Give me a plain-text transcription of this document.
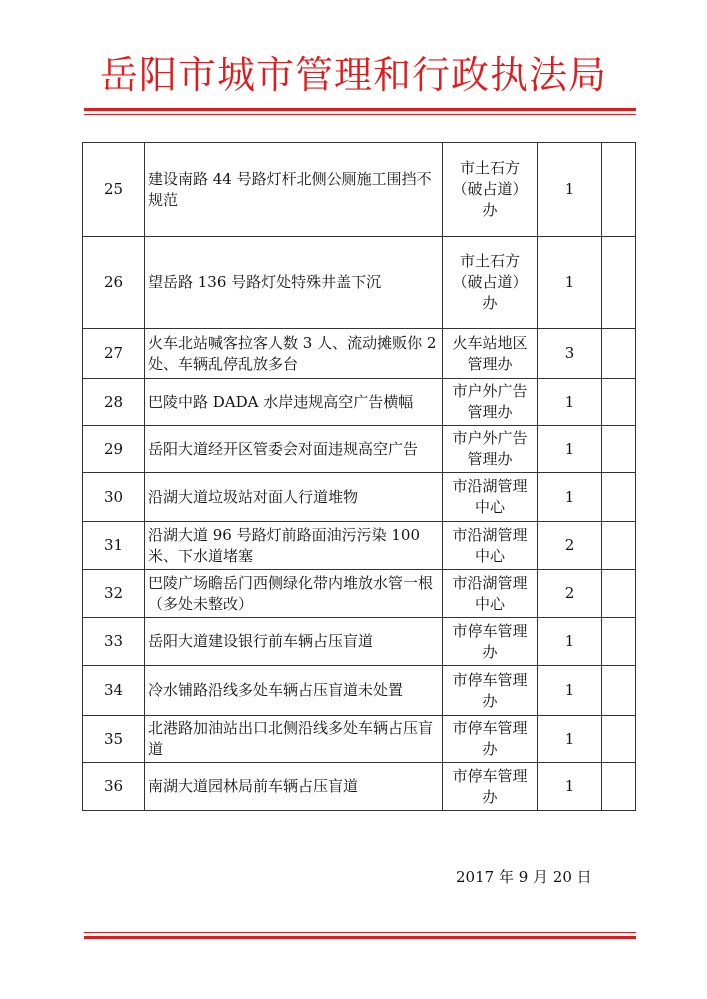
岳阳市城市管理和行政执法局
25	建设南路 44 号路灯杆北侧公厕施工围挡不规范	市土石方（破占道）办	1	
26	望岳路 136 号路灯处特殊井盖下沉	市土石方（破占道）办	1	
27	火车北站喊客拉客人数 3 人、流动摊贩你 2 处、车辆乱停乱放多台	火车站地区管理办	3	
28	巴陵中路 DADA 水岸违规高空广告横幅	市户外广告管理办	1	
29	岳阳大道经开区管委会对面违规高空广告	市户外广告管理办	1	
30	沿湖大道垃圾站对面人行道堆物	市沿湖管理中心	1	
31	沿湖大道 96 号路灯前路面油污污染 100 米、下水道堵塞	市沿湖管理中心	2	
32	巴陵广场瞻岳门西侧绿化带内堆放水管一根（多处未整改）	市沿湖管理中心	2	
33	岳阳大道建设银行前车辆占压盲道	市停车管理办	1	
34	冷水铺路沿线多处车辆占压盲道未处置	市停车管理办	1	
35	北港路加油站出口北侧沿线多处车辆占压盲道	市停车管理办	1	
36	南湖大道园林局前车辆占压盲道	市停车管理办	1	
2017 年 9 月 20 日
